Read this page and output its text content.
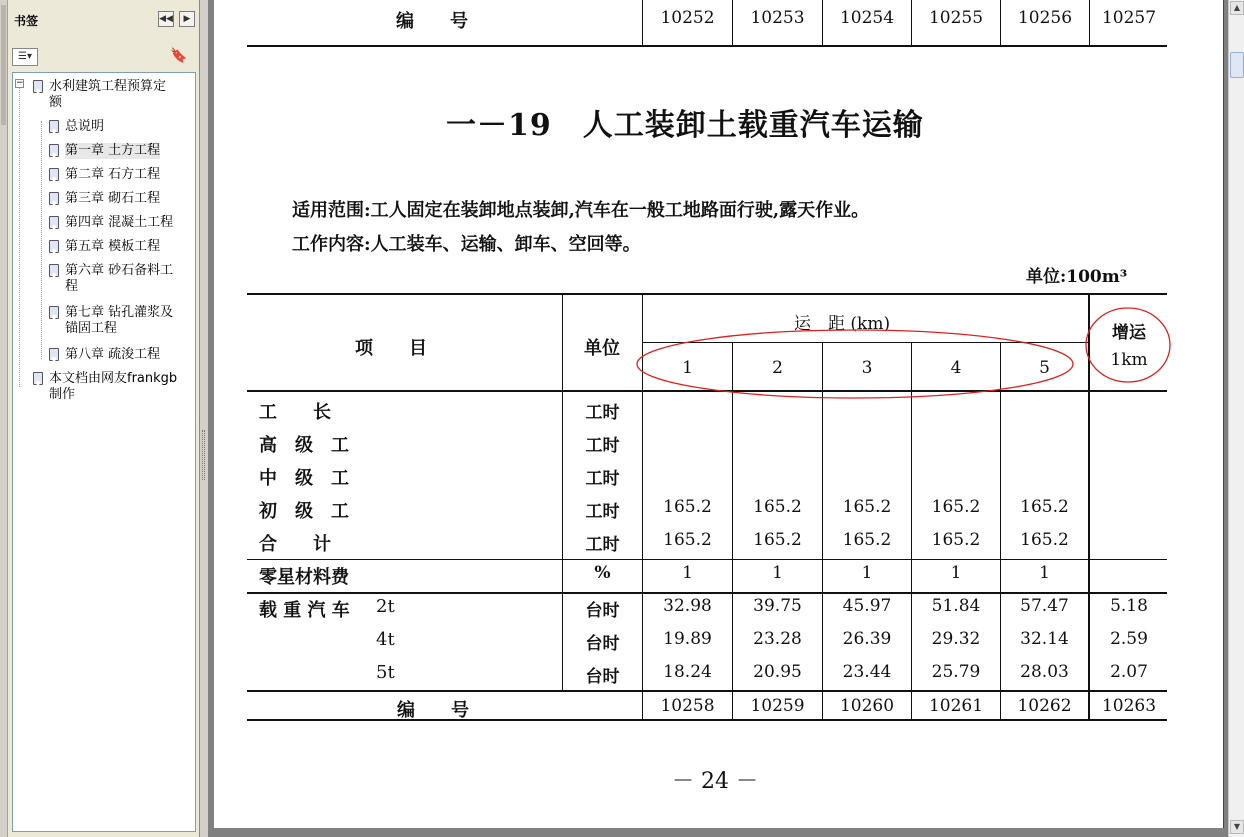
书签	◀◀	▶
☰▾	🔖
− 水利建筑工程预算定
额
总说明
第一章 土方工程
第二章 石方工程
第三章 砌石工程
第四章 混凝土工程
第五章 模板工程
第六章 砂石备料工
程
第七章 钻孔灌浆及
锚固工程
第八章 疏浚工程
本文档由网友frankgb
制作
编　　号	10252	10253	10254	10255	10256	10257
一－19　人工装卸土载重汽车运输
适用范围:工人固定在装卸地点装卸,汽车在一般工地路面行驶,露天作业。
工作内容:人工装车、运输、卸车、空回等。
单位:100m³
项　　目	单位
运　距 (km)
1	2	3	4	5
增运
1km
工　　长	工时
高　级　工	工时
中　级　工	工时
初　级　工	工时	165.2	165.2	165.2	165.2	165.2
合　　计	工时	165.2	165.2	165.2	165.2	165.2
零星材料费	%	1	1	1	1	1
载 重 汽 车 2t	台时	32.98	39.75	45.97	51.84	57.47	5.18
4t	台时	19.89	23.28	26.39	29.32	32.14	2.59
5t	台时	18.24	20.95	23.44	25.79	28.03	2.07
编　　号	10258	10259	10260	10261	10262	10263
－ 24 －
▲
▼
